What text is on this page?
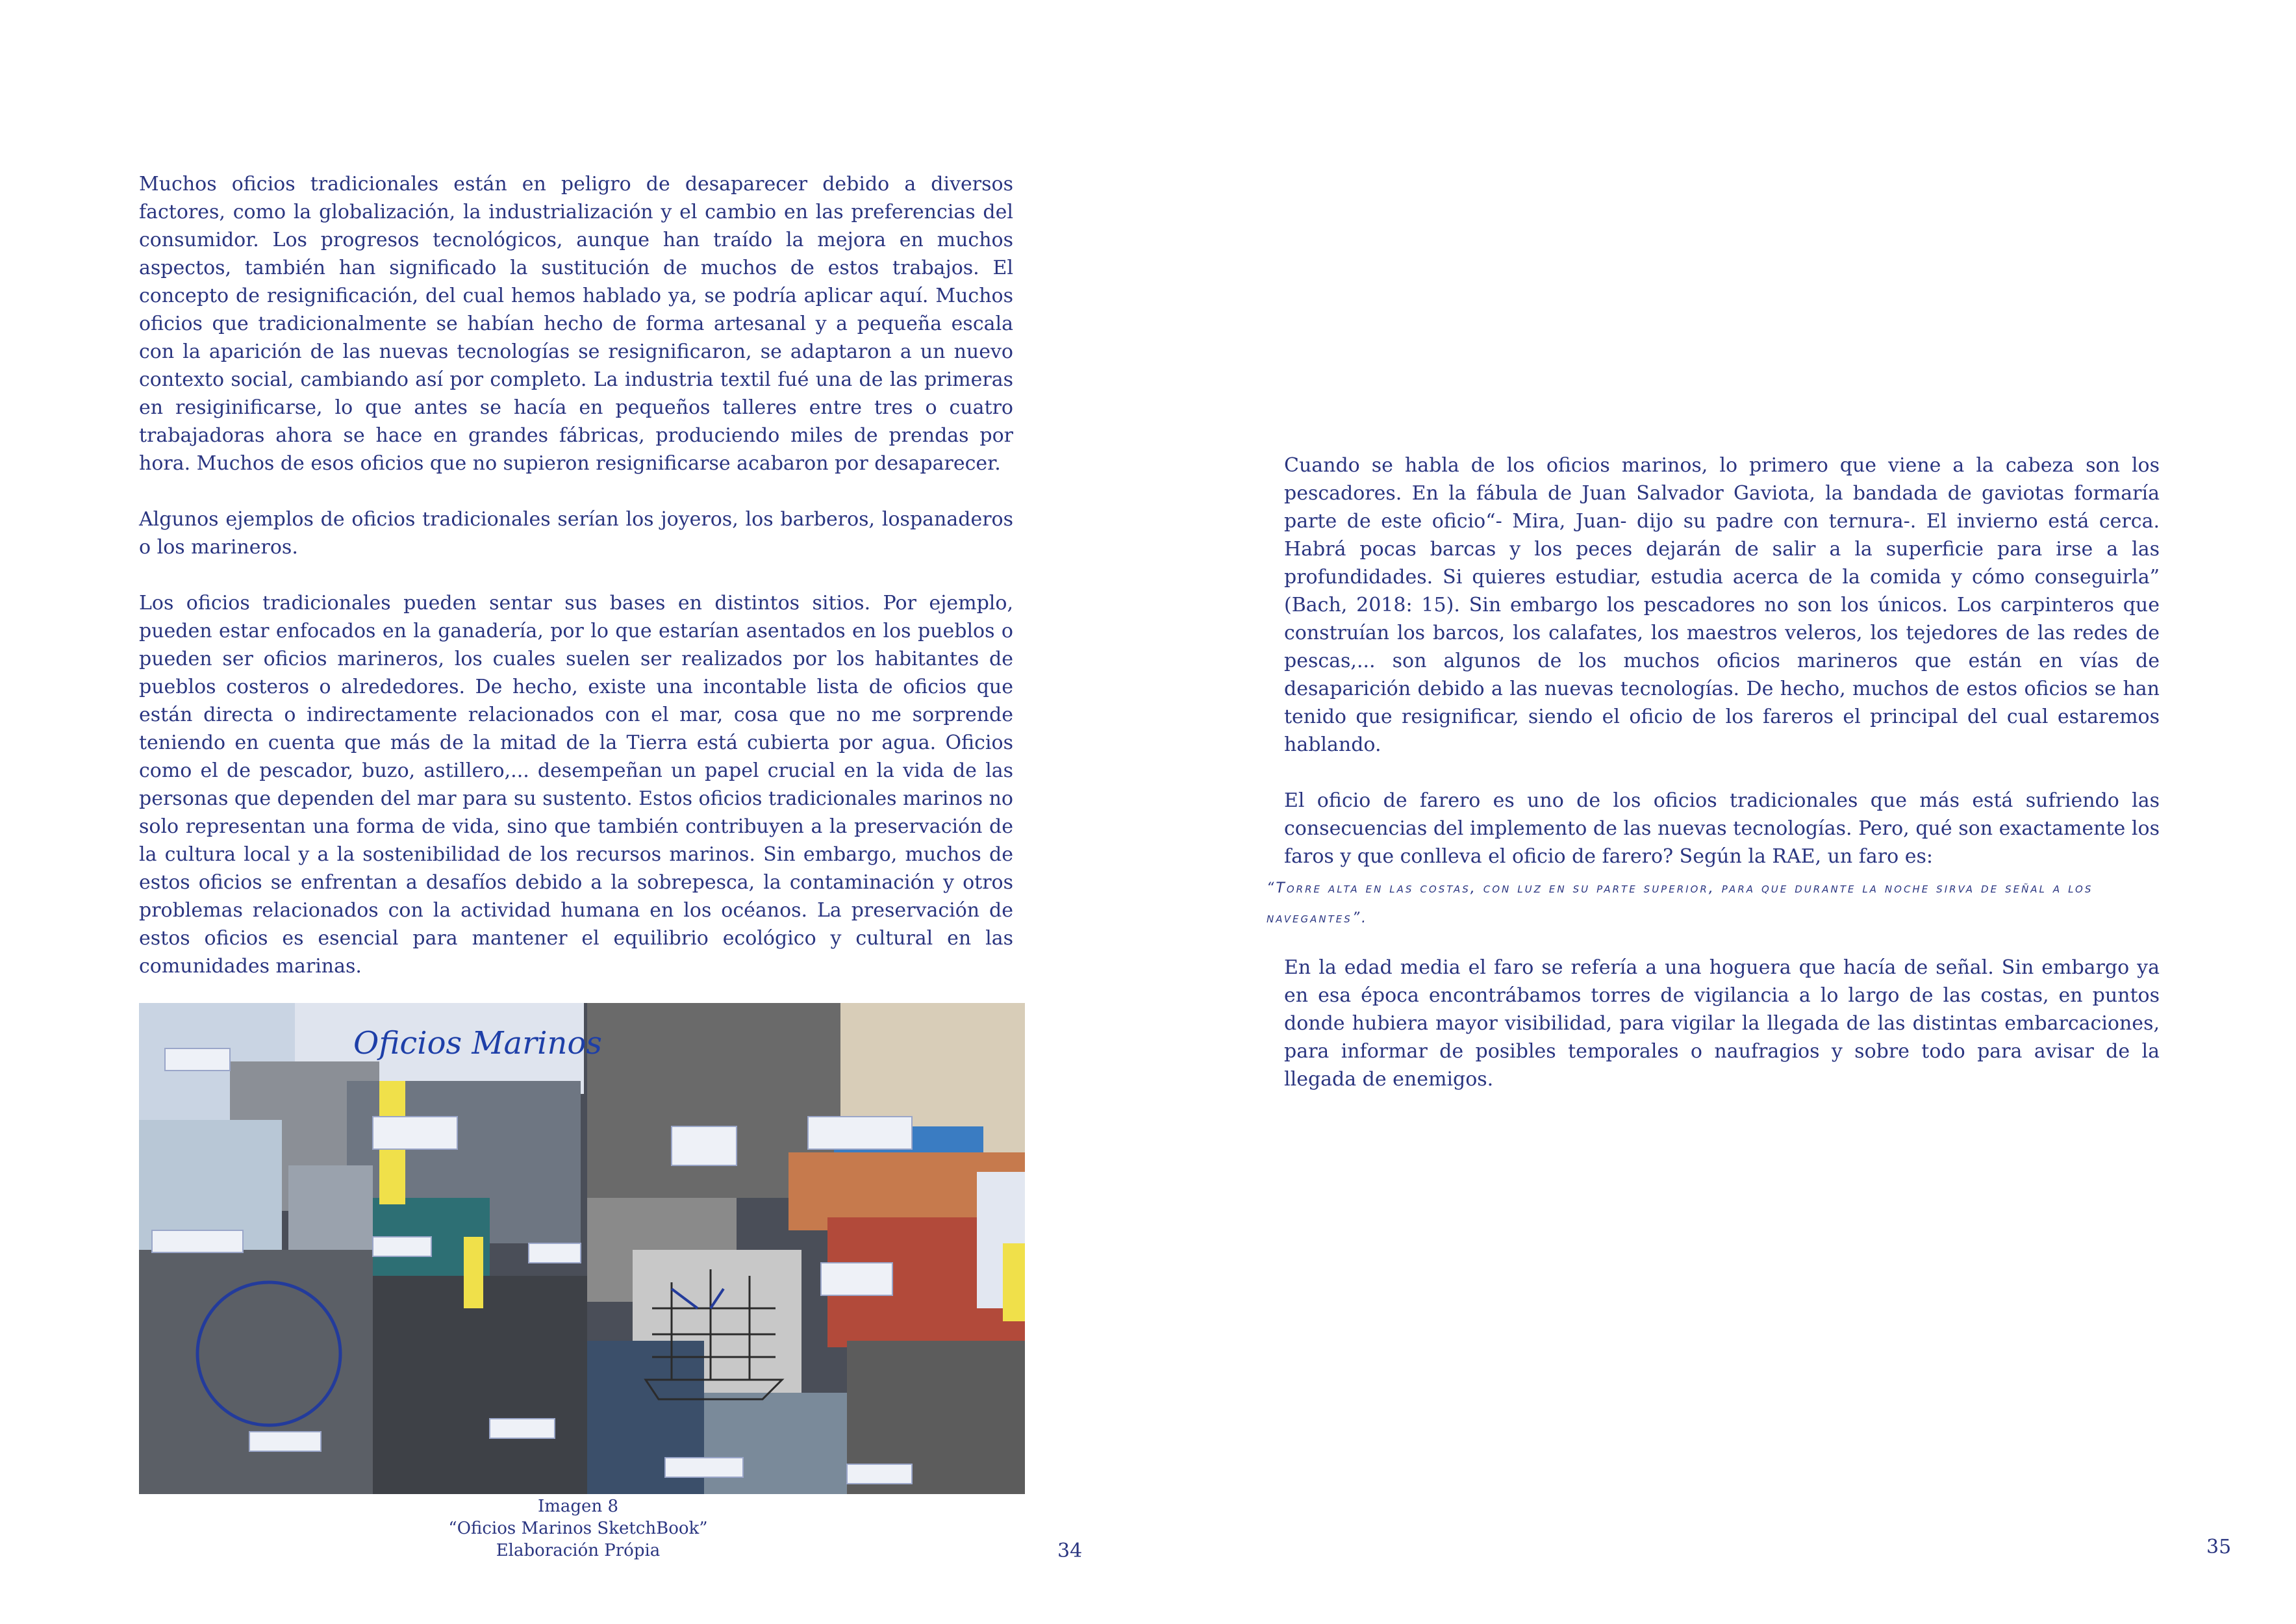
Muchos oficios tradicionales están en peligro de desaparecer debido a diversos factores, como la globalización, la industrialización y el cambio en las preferencias del consumidor. Los progresos tecnológicos, aunque han traído la mejora en muchos aspectos, también han significado la sustitución de muchos de estos trabajos. El concepto de resignificación, del cual hemos hablado ya, se podría aplicar aquí. Muchos oficios que tradicionalmente se habían hecho de forma artesanal y a pequeña escala con la aparición de las nuevas tecnologías se resignificaron, se adaptaron a un nuevo contexto social, cambiando así por completo. La industria textil fué una de las primeras en resiginificarse, lo que antes se hacía en pequeños talleres entre tres o cuatro trabajadoras ahora se hace en grandes fábricas, produciendo miles de prendas por hora. Muchos de esos oficios que no supieron resignificarse acabaron por desaparecer.

Algunos ejemplos de oficios tradicionales serían los joyeros, los barberos, lospanaderos o los marineros.

Los oficios tradicionales pueden sentar sus bases en distintos sitios. Por ejemplo, pueden estar enfocados en la ganadería, por lo que estarían asentados en los pueblos o pueden ser oficios marineros, los cuales suelen ser realizados por los habitantes de pueblos costeros o alrededores. De hecho, existe una incontable lista de oficios que están directa o indirectamente relacionados con el mar, cosa que no me sorprende teniendo en cuenta que más de la mitad de la Tierra está cubierta por agua. Oficios como el de pescador, buzo, astillero,... desempeñan un papel crucial en la vida de las personas que dependen del mar para su sustento. Estos oficios tradicionales marinos no solo representan una forma de vida, sino que también contribuyen a la preservación de la cultura local y a la sostenibilidad de los recursos marinos. Sin embargo, muchos de estos oficios se enfrentan a desafíos debido a la sobrepesca, la contaminación y otros problemas relacionados con la actividad humana en los océanos. La preservación de estos oficios es esencial para mantener el equilibrio ecológico y cultural en las comunidades marinas.

Oficios Marinos
Imagen 8
“Oficios Marinos SketchBook”
Elaboración Própia	34

Cuando se habla de los oficios marinos, lo primero que viene a la cabeza son los pescadores. En la fábula de Juan Salvador Gaviota, la bandada de gaviotas formaría parte de este oficio“- Mira, Juan- dijo su padre con ternura-. El invierno está cerca. Habrá pocas barcas y los peces dejarán de salir a la superficie para irse a las profundidades. Si quieres estudiar, estudia acerca de la comida y cómo conseguirla” (Bach, 2018: 15). Sin embargo los pescadores no son los únicos. Los carpinteros que construían los barcos, los calafates, los maestros veleros, los tejedores de las redes de pescas,... son algunos de los muchos oficios marineros que están en vías de desaparición debido a las nuevas tecnologías. De hecho, muchos de estos oficios se han tenido que resignificar, siendo el oficio de los fareros el principal del cual estaremos hablando.

El oficio de farero es uno de los oficios tradicionales que más está sufriendo las consecuencias del implemento de las nuevas tecnologías. Pero, qué son exactamente los faros y que conlleva el oficio de farero? Según la RAE, un faro es:

“Torre alta en las costas, con luz en su parte superior, para que durante la noche sirva de señal a los navegantes”.

En la edad media el faro se refería a una hoguera que hacía de señal. Sin embargo ya en esa época encontrábamos torres de vigilancia a lo largo de las costas, en puntos donde hubiera mayor visibilidad, para vigilar la llegada de las distintas embarcaciones, para informar de posibles temporales o naufragios y sobre todo para avisar de la llegada de enemigos.

35
